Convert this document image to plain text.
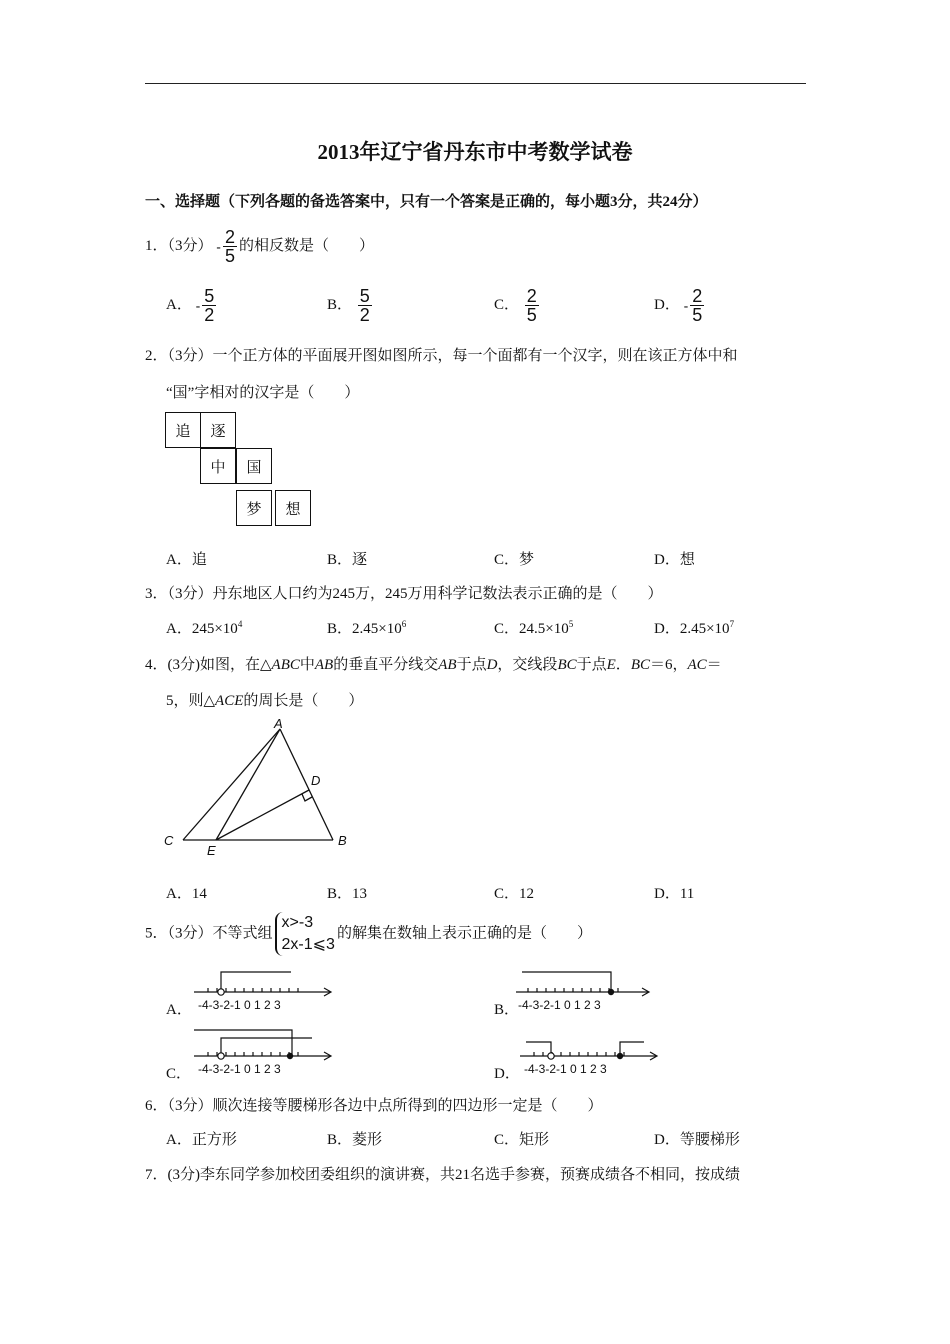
2013年辽宁省丹东市中考数学试卷
一、选择题（下列各题的备选答案中，只有一个答案是正确的，每小题3分，共24分）
1．（3分） - $\frac{2}{5}$ 的相反数是（　　）
A． - $\frac{5}{2}$	B． $\frac{5}{2}$	C． $\frac{2}{5}$	D． - $\frac{2}{5}$
2．（3分）一个正方体的平面展开图如图所示，每一个面都有一个汉字，则在该正方体中和
“国”字相对的汉字是（　　）
追	逐
中	国
梦	想
A．追	B．逐	C．梦	D．想
3．（3分）丹东地区人口约为245万，245万用科学记数法表示正确的是（　　）
A．$245\times 10^4$	B．$2.45\times 10^6$	C．$24.5\times 10^5$	D．$2.45\times 10^7$
4．(3分)如图，在△ABC中AB的垂直平分线交AB于点D，交线段BC于点E．BC＝6，AC＝
5，则△ACE的周长是（　　）
A
B
C
D
E
A．14	B．13	C．12	D．11
5．（3分）不等式组
x>-3
2x-1⩽3
的解集在数轴上表示正确的是（　　）
A． -4-3-2-1 0 1 2 3	B．
-4-3-2-1 0 1 2 3
C． -4-3-2-1 0 1 2 3	D． -4-3-2-1 0 1 2 3
6．（3分）顺次连接等腰梯形各边中点所得到的四边形一定是（　　）
A．正方形	B．菱形	C．矩形	D．等腰梯形
7．(3分)李东同学参加校团委组织的演讲赛，共21名选手参赛，预赛成绩各不相同，按成绩
